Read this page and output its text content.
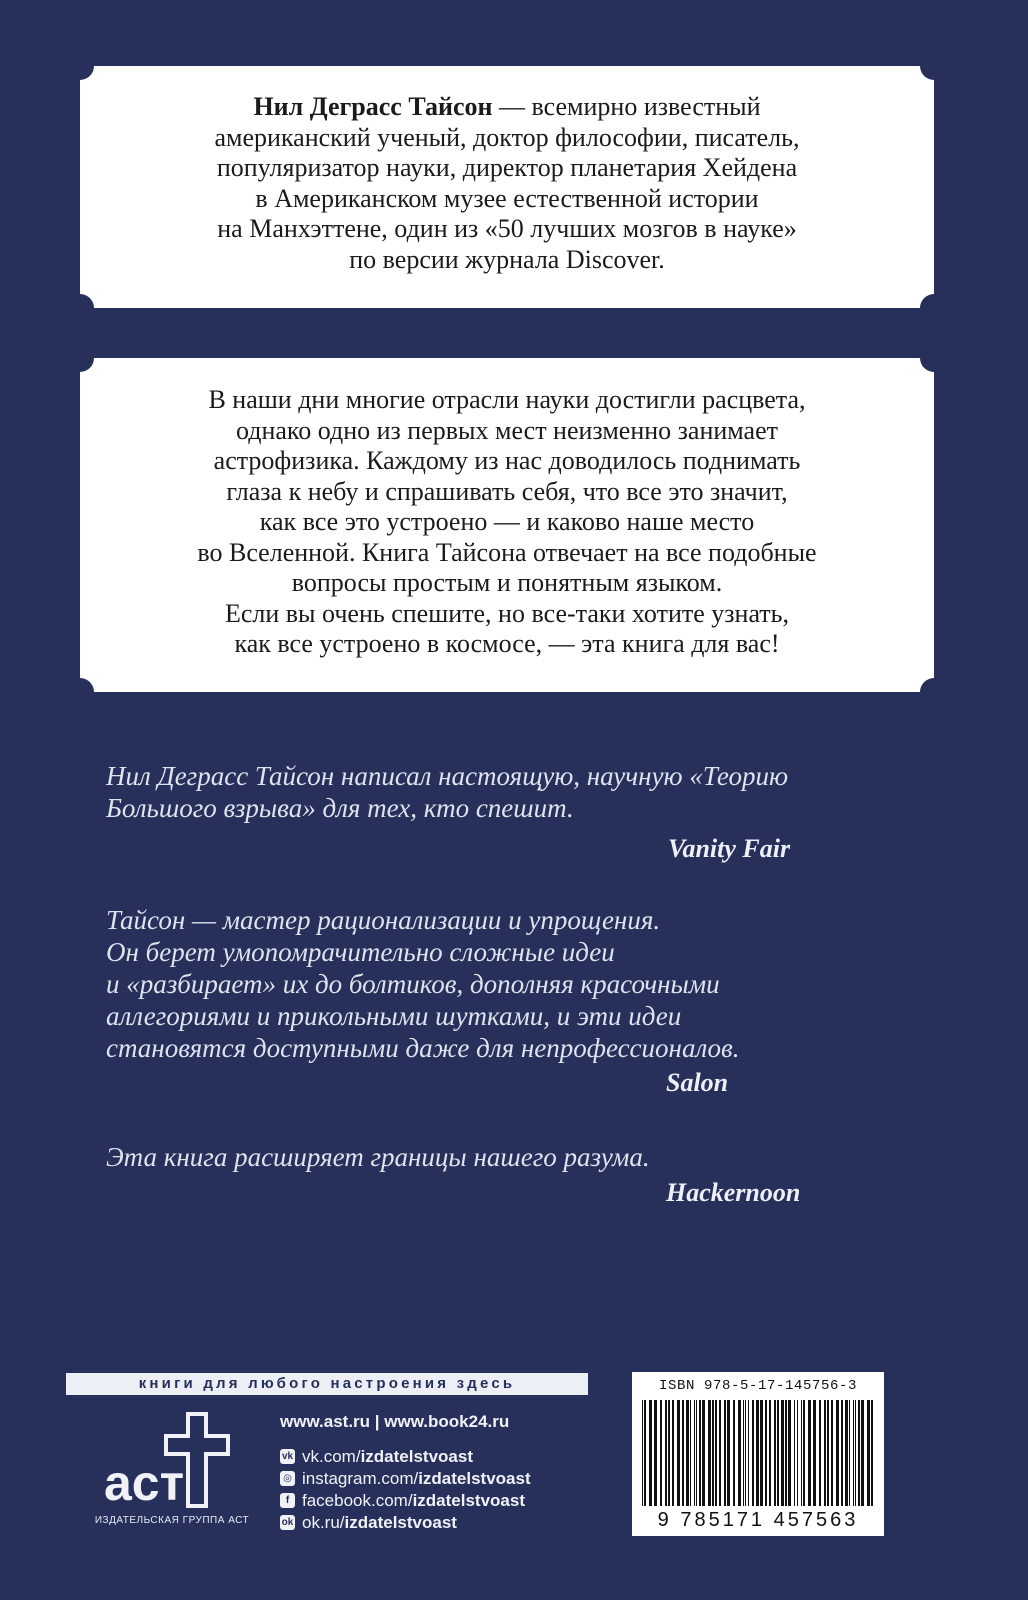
Нил Деграсс Тайсон — всемирно известный
американский ученый, доктор философии, писатель,
популяризатор науки, директор планетария Хейдена
в Американском музее естественной истории
на Манхэттене, один из «50 лучших мозгов в науке»
по версии журнала Discover.
В наши дни многие отрасли науки достигли расцвета,
однако одно из первых мест неизменно занимает
астрофизика. Каждому из нас доводилось поднимать
глаза к небу и спрашивать себя, что все это значит,
как все это устроено — и каково наше место
во Вселенной. Книга Тайсона отвечает на все подобные
вопросы простым и понятным языком.
Если вы очень спешите, но все-таки хотите узнать,
как все устроено в космосе, — эта книга для вас!
Нил Деграсс Тайсон написал настоящую, научную «Теорию
Большого взрыва» для тех, кто спешит.
Vanity Fair
Тайсон — мастер рационализации и упрощения.
Он берет умопомрачительно сложные идеи
и «разбирает» их до болтиков, дополняя красочными
аллегориями и прикольными шутками, и эти идеи
становятся доступными даже для непрофессионалов.
Salon
Эта книга расширяет границы нашего разума.
Hackernoon
книги для любого настроения здесь
аст
ИЗДАТЕЛЬСКАЯ ГРУППА АСТ
www.ast.ru | www.book24.ru
vk vk.com/ izdatelstvoast
◎ instagram.com/ izdatelstvoast
f facebook.com/ izdatelstvoast
ok ok.ru/ izdatelstvoast
ISBN 978-5-17-145756-3
9 785171 457563
